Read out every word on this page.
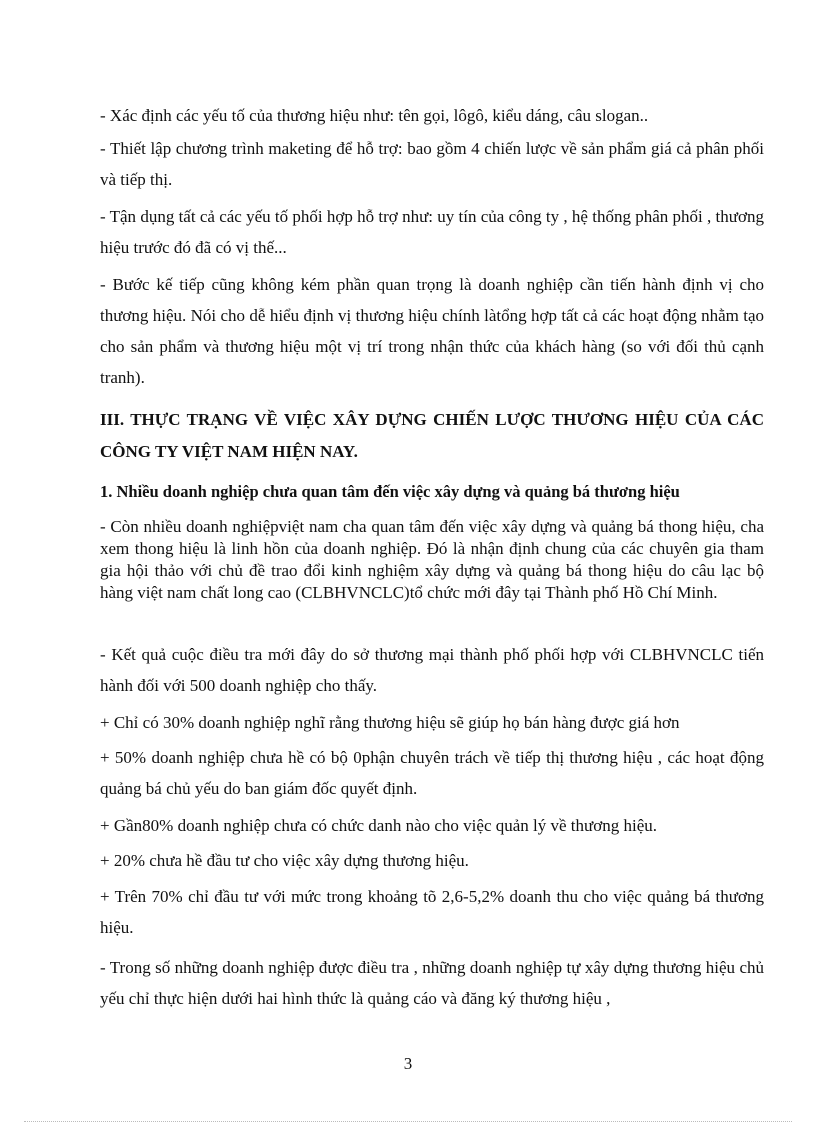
- Xác định các yếu tố của thương hiệu như: tên gọi, lôgô, kiểu dáng, câu slogan..

- Thiết lập chương trình maketing để hỗ trợ: bao gồm 4 chiến lược về sản phẩm giá cả phân phối và tiếp thị.

- Tận dụng tất cả các yếu tố phối hợp hỗ trợ như: uy tín của công ty , hệ thống phân phối , thương hiệu trước đó đã có vị thế...

- Bước kế tiếp cũng không kém phần quan trọng là doanh nghiệp cần tiến hành định vị cho thương hiệu. Nói cho dễ hiểu định vị thương hiệu chính làtổng hợp tất cả các hoạt động nhằm tạo cho sản phẩm và thương hiệu một vị trí trong nhận thức của khách hàng (so với đối thủ cạnh tranh).

III. THỰC TRẠNG VỀ VIỆC XÂY DỰNG CHIẾN LƯỢC THƯƠNG HIỆU CỦA CÁC CÔNG TY VIỆT NAM HIỆN NAY.
1. Nhiều doanh nghiệp chưa quan tâm đến việc xây dựng và quảng bá thương hiệu

- Còn nhiều doanh nghiệpviệt nam cha quan tâm đến việc xây dựng và quảng bá thong hiệu, cha xem thong hiệu là linh hồn của doanh nghiệp. Đó là nhận định chung của các chuyên gia tham gia hội thảo với chủ đề trao đổi kinh nghiệm xây dựng và quảng bá thong hiệu do câu lạc bộ hàng việt nam chất long cao (CLBHVNCLC)tổ chức mới đây tại Thành phố Hồ Chí Minh.

- Kết quả cuộc điều tra mới đây do sở thương mại thành phố phối hợp với CLBHVNCLC tiến hành đối với 500 doanh nghiệp cho thấy.

+ Chỉ có 30% doanh nghiệp nghĩ rằng thương hiệu sẽ giúp họ bán hàng được giá hơn

+ 50% doanh nghiệp chưa hề có bộ 0phận chuyên trách về tiếp thị thương hiệu , các hoạt động quảng bá chủ yếu do ban giám đốc quyết định.

+ Gần80% doanh nghiệp chưa có chức danh nào cho việc quản lý về thương hiệu.

+ 20% chưa hề đầu tư cho việc xây dựng thương hiệu.

+ Trên 70% chỉ đầu tư với mức trong khoảng tõ 2,6-5,2% doanh thu cho việc quảng bá thương hiệu.

- Trong số những doanh nghiệp được điều tra , những doanh nghiệp tự xây dựng thương hiệu chủ yếu chỉ thực hiện dưới hai hình thức là quảng cáo và đăng ký thương hiệu ,

3
